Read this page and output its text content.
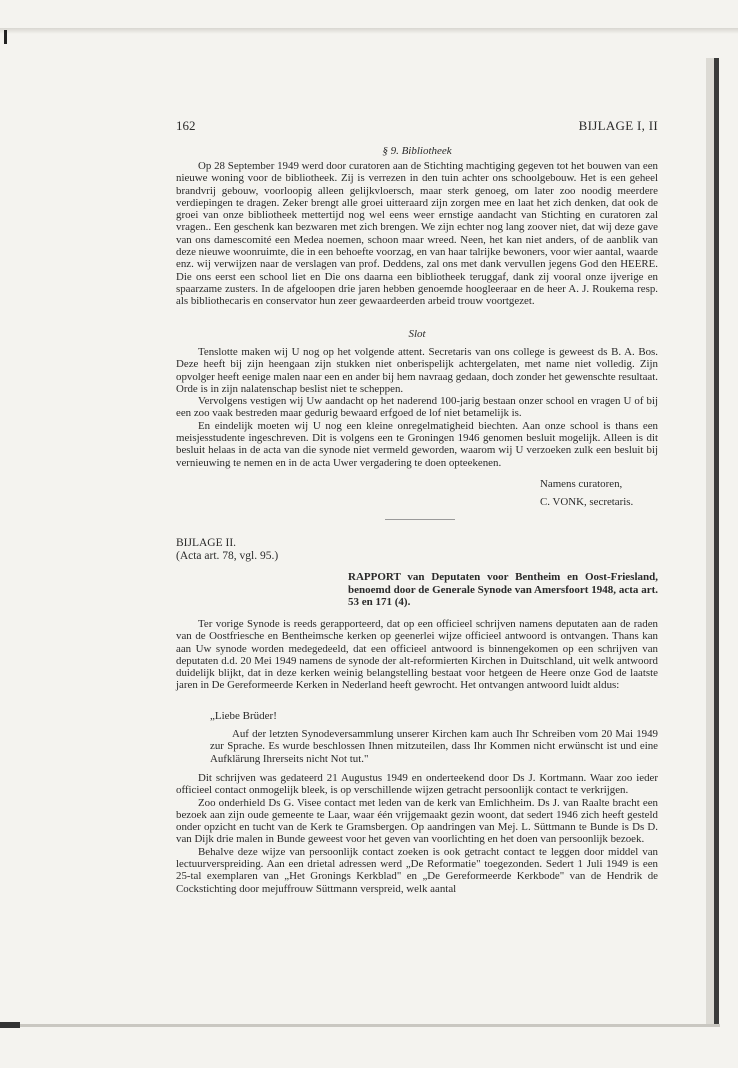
162	BIJLAGE I, II
§ 9. Bibliotheek

Op 28 September 1949 werd door curatoren aan de Stichting machtiging gegeven tot het bouwen van een nieuwe woning voor de bibliotheek. Zij is verrezen in den tuin achter ons schoolgebouw. Het is een geheel brandvrij gebouw, voorloopig alleen gelijkvloersch, maar sterk genoeg, om later zoo noodig meerdere verdiepingen te dragen. Zeker brengt alle groei uitteraard zijn zorgen mee en laat het zich denken, dat ook de groei van onze bibliotheek mettertijd nog wel eens weer ernstige aandacht van Stichting en curatoren zal vragen.. Een geschenk kan bezwaren met zich brengen. We zijn echter nog lang zoover niet, dat wij deze gave van ons damescomité een Medea noemen, schoon maar wreed. Neen, het kan niet anders, of de aanblik van deze nieuwe woonruimte, die in een behoefte voorzag, en van haar talrijke bewoners, voor wier aantal, waarde enz. wij verwijzen naar de verslagen van prof. Deddens, zal ons met dank vervullen jegens God den HEERE. Die ons eerst een school liet en Die ons daarna een bibliotheek teruggaf, dank zij vooral onze ijverige en spaarzame zusters. In de afgeloopen drie jaren hebben genoemde hoogleeraar en de heer A. J. Roukema resp. als bibliothecaris en conservator hun zeer gewaardeerden arbeid trouw voortgezet.

Slot

Tenslotte maken wij U nog op het volgende attent. Secretaris van ons college is geweest ds B. A. Bos. Deze heeft bij zijn heengaan zijn stukken niet onberispelijk achtergelaten, met name niet volledig. Zijn opvolger heeft eenige malen naar een en ander bij hem navraag gedaan, doch zonder het gewenschte resultaat. Orde is in zijn nalatenschap beslist niet te scheppen.

Vervolgens vestigen wij Uw aandacht op het naderend 100-jarig bestaan onzer school en vragen U of bij een zoo vaak bestreden maar gedurig bewaard erfgoed de lof niet betamelijk is.

En eindelijk moeten wij U nog een kleine onregelmatigheid biechten. Aan onze school is thans een meisjesstudente ingeschreven. Dit is volgens een te Groningen 1946 genomen besluit mogelijk. Alleen is dit besluit helaas in de acta van die synode niet vermeld geworden, waarom wij U verzoeken zulk een besluit bij vernieuwing te nemen en in de acta Uwer vergadering te doen opteekenen.

Namens curatoren,
C. VONK, secretaris.
BIJLAGE II.
(Acta art. 78, vgl. 95.)
RAPPORT van Deputaten voor Bentheim en Oost-Friesland, benoemd door de Generale Synode van Amersfoort 1948, acta art. 53 en 171 (4).

Ter vorige Synode is reeds gerapporteerd, dat op een officieel schrijven namens deputaten aan de raden van de Oostfriesche en Bentheimsche kerken op geenerlei wijze officieel antwoord is ontvangen. Thans kan aan Uw synode worden medegedeeld, dat een officieel antwoord is binnengekomen op een schrijven van deputaten d.d. 20 Mei 1949 namens de synode der alt-reformierten Kirchen in Duitschland, uit welk antwoord duidelijk blijkt, dat in deze kerken weinig belangstelling bestaat voor hetgeen de Heere onze God de laatste jaren in De Gereformeerde Kerken in Nederland heeft gewrocht. Het ontvangen antwoord luidt aldus:

„Liebe Brüder!

Auf der letzten Synodeversammlung unserer Kirchen kam auch Ihr Schreiben vom 20 Mai 1949 zur Sprache. Es wurde beschlossen Ihnen mitzuteilen, dass Ihr Kommen nicht erwünscht ist und eine Aufklärung Ihrerseits nicht Not tut."

Dit schrijven was gedateerd 21 Augustus 1949 en onderteekend door Ds J. Kortmann. Waar zoo ieder officieel contact onmogelijk bleek, is op verschillende wijzen getracht persoonlijk contact te verkrijgen.

Zoo onderhield Ds G. Visee contact met leden van de kerk van Emlichheim. Ds J. van Raalte bracht een bezoek aan zijn oude gemeente te Laar, waar één vrijgemaakt gezin woont, dat sedert 1946 zich heeft gesteld onder opzicht en tucht van de Kerk te Gramsbergen. Op aandringen van Mej. L. Süttmann te Bunde is Ds D. van Dijk drie malen in Bunde geweest voor het geven van voorlichting en het doen van persoonlijk bezoek.

Behalve deze wijze van persoonlijk contact zoeken is ook getracht contact te leggen door middel van lectuurverspreiding. Aan een drietal adressen werd „De Reformatie" toegezonden. Sedert 1 Juli 1949 is een 25-tal exemplaren van „Het Gronings Kerkblad" en „De Gereformeerde Kerkbode" van de Hendrik de Cockstichting door mejuffrouw Süttmann verspreid, welk aantal
